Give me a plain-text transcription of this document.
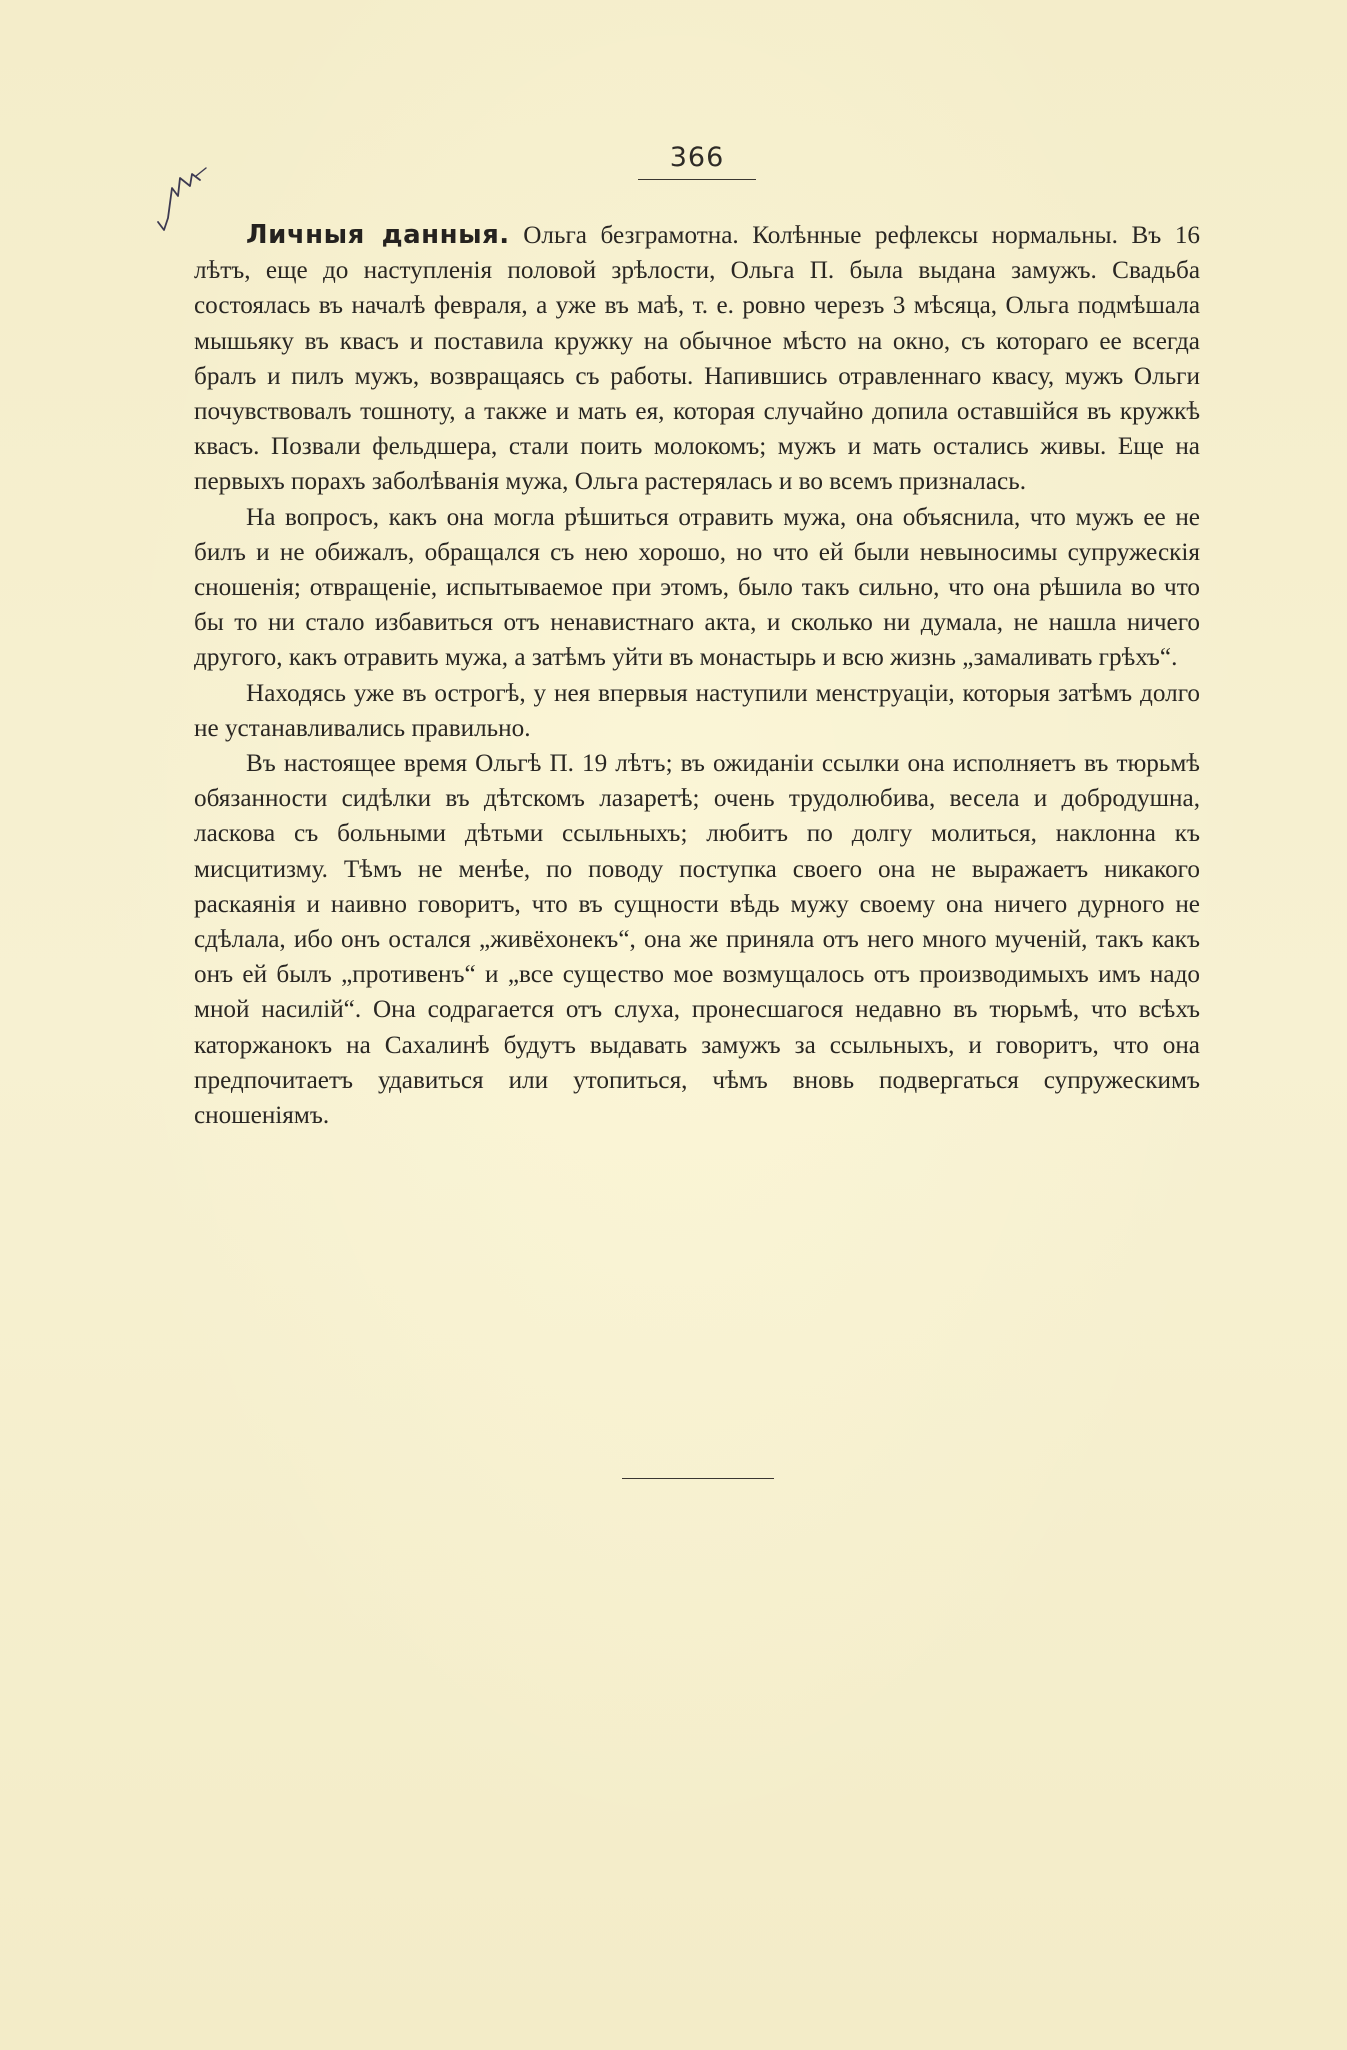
366

Личныя данныя. Ольга безграмотна. Колѣнные рефлексы нормальны. Въ 16 лѣтъ, еще до наступленія половой зрѣлости, Ольга П. была выдана замужъ. Свадьба состоялась въ началѣ февраля, а уже въ маѣ, т. е. ровно черезъ 3 мѣсяца, Ольга подмѣшала мышьяку въ квасъ и поставила кружку на обычное мѣсто на окно, съ котораго ее всегда бралъ и пилъ мужъ, возвращаясь съ работы. Напившись отравленнаго квасу, мужъ Ольги почувствовалъ тошноту, а также и мать ея, которая случайно допила оставшійся въ кружкѣ квасъ. Позвали фельдшера, стали поить молокомъ; мужъ и мать остались живы. Еще на первыхъ порахъ заболѣванія мужа, Ольга растерялась и во всемъ призналась.

На вопросъ, какъ она могла рѣшиться отравить мужа, она объяснила, что мужъ ее не билъ и не обижалъ, обращался съ нею хорошо, но что ей были невыносимы супружескія сношенія; отвращеніе, испытываемое при этомъ, было такъ сильно, что она рѣшила во что бы то ни стало избавиться отъ ненавистнаго акта, и сколько ни думала, не нашла ничего другого, какъ отравить мужа, а затѣмъ уйти въ монастырь и всю жизнь „замаливать грѣхъ“.

Находясь уже въ острогѣ, у нея впервыя наступили менструаціи, которыя затѣмъ долго не устанавливались правильно.

Въ настоящее время Ольгѣ П. 19 лѣтъ; въ ожиданіи ссылки она исполняетъ въ тюрьмѣ обязанности сидѣлки въ дѣтскомъ лазаретѣ; очень трудолюбива, весела и добродушна, ласкова съ больными дѣтьми ссыльныхъ; любитъ по долгу молиться, наклонна къ мисцитизму. Тѣмъ не менѣе, по поводу поступка своего она не выражаетъ никакого раскаянія и наивно говоритъ, что въ сущности вѣдь мужу своему она ничего дурного не сдѣлала, ибо онъ остался „живёхонекъ“, она же приняла отъ него много мученій, такъ какъ онъ ей былъ „противенъ“ и „все существо мое возмущалось отъ производимыхъ имъ надо мной насилій“. Она содрагается отъ слуха, пронесшагося недавно въ тюрьмѣ, что всѣхъ каторжанокъ на Сахалинѣ будутъ выдавать замужъ за ссыльныхъ, и говоритъ, что она предпочитаетъ удавиться или утопиться, чѣмъ вновь подвергаться супружескимъ сношеніямъ.
